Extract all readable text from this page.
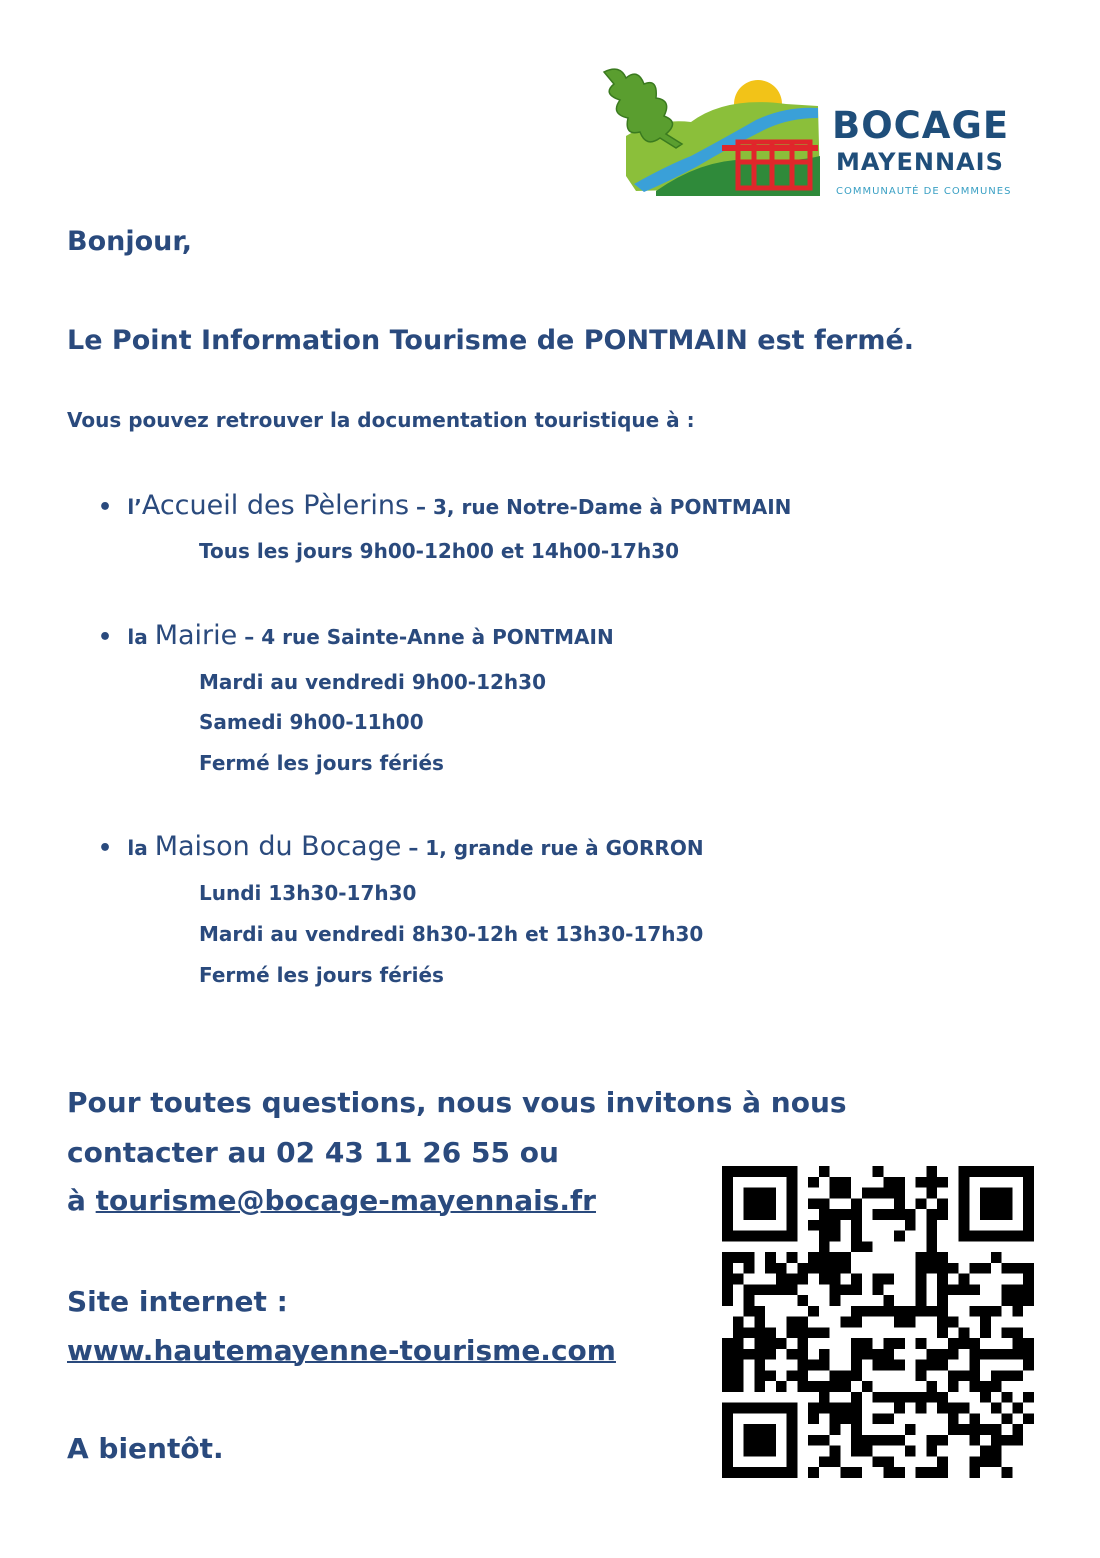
BOCAGE
MAYENNAIS
COMMUNAUTÉ DE COMMUNES
Bonjour,
Le Point Information Tourisme de PONTMAIN est fermé.
Vous pouvez retrouver la documentation touristique à :
•  l’Accueil des Pèlerins – 3, rue Notre-Dame à PONTMAIN
Tous les jours 9h00-12h00 et 14h00-17h30
•  la Mairie – 4 rue Sainte-Anne à PONTMAIN
Mardi au vendredi 9h00-12h30
Samedi 9h00-11h00
Fermé les jours fériés
•  la Maison du Bocage – 1, grande rue à GORRON
Lundi 13h30-17h30
Mardi au vendredi 8h30-12h et 13h30-17h30
Fermé les jours fériés
Pour toutes questions, nous vous invitons à nous
contacter au 02 43 11 26 55 ou
à tourisme@bocage-mayennais.fr
Site internet :
www.hautemayenne-tourisme.com
A bientôt.
